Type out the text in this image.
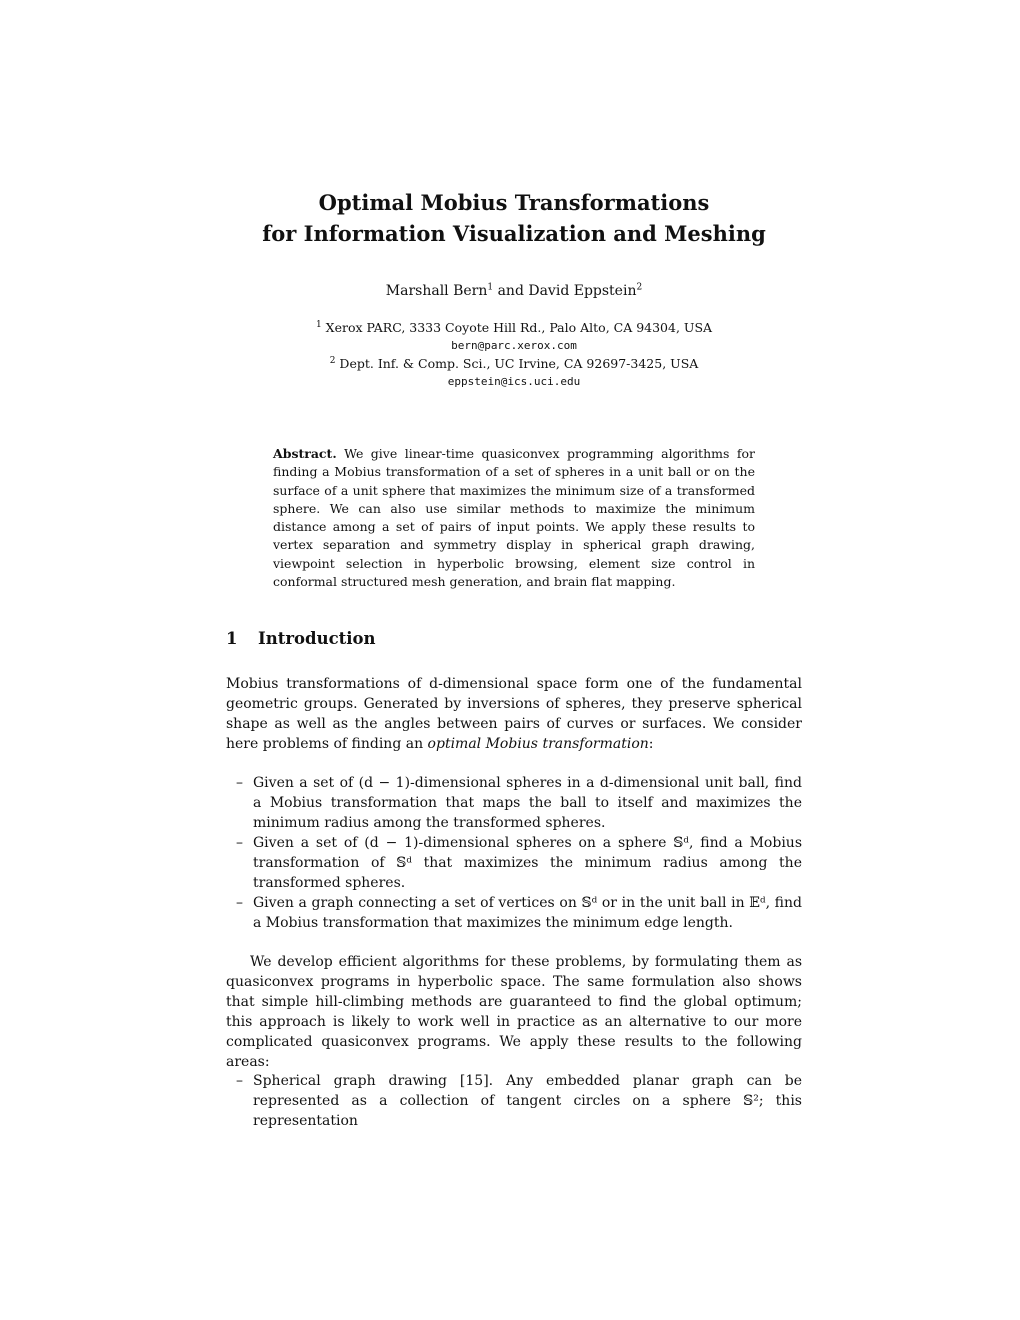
Optimal Mobius Transformations
for Information Visualization and Meshing
Marshall Bern$^1$ and David Eppstein$^2$
$^1$ Xerox PARC, 3333 Coyote Hill Rd., Palo Alto, CA 94304, USA
bern@parc.xerox.com
$^2$ Dept. Inf. & Comp. Sci., UC Irvine, CA 92697-3425, USA
eppstein@ics.uci.edu
Abstract. We give linear-time quasiconvex programming algorithms for finding a Mobius transformation of a set of spheres in a unit ball or on the surface of a unit sphere that maximizes the minimum size of a transformed sphere. We can also use similar methods to maximize the minimum distance among a set of pairs of input points. We apply these results to vertex separation and symmetry display in spherical graph drawing, viewpoint selection in hyperbolic browsing, element size control in conformal structured mesh generation, and brain flat mapping.
1 Introduction

Mobius transformations of d-dimensional space form one of the fundamental geometric groups. Generated by inversions of spheres, they preserve spherical shape as well as the angles between pairs of curves or surfaces. We consider here problems of finding an optimal Mobius transformation:

– Given a set of (d − 1)-dimensional spheres in a d-dimensional unit ball, find a Mobius transformation that maps the ball to itself and maximizes the minimum radius among the transformed spheres.
– Given a set of (d − 1)-dimensional spheres on a sphere 𝕊ᵈ, find a Mobius transformation of 𝕊ᵈ that maximizes the minimum radius among the transformed spheres.
– Given a graph connecting a set of vertices on 𝕊ᵈ or in the unit ball in 𝔼ᵈ, find a Mobius transformation that maximizes the minimum edge length.

We develop efficient algorithms for these problems, by formulating them as quasiconvex programs in hyperbolic space. The same formulation also shows that simple hill-climbing methods are guaranteed to find the global optimum; this approach is likely to work well in practice as an alternative to our more complicated quasiconvex programs. We apply these results to the following areas:

– Spherical graph drawing [15]. Any embedded planar graph can be represented as a collection of tangent circles on a sphere 𝕊²; this representation
